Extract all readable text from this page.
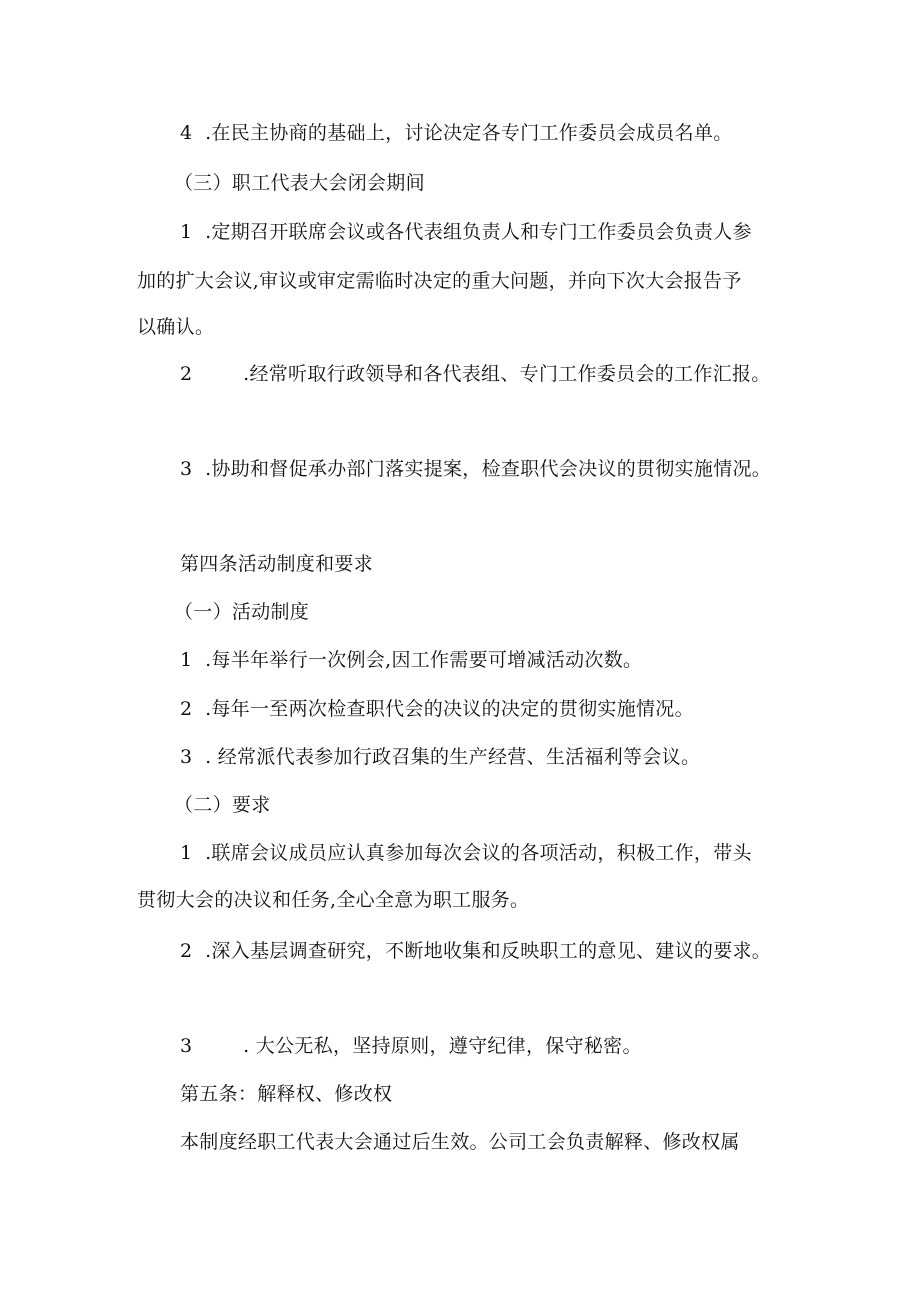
4  .在民主协商的基础上，讨论决定各专门工作委员会成员名单。
（三）职工代表大会闭会期间
1  .定期召开联席会议或各代表组负责人和专门工作委员会负责人参
加的扩大会议,审议或审定需临时决定的重大问题，并向下次大会报告予
以确认。
2        .经常听取行政领导和各代表组、专门工作委员会的工作汇报。
3  .协助和督促承办部门落实提案，检查职代会决议的贯彻实施情况。
第四条活动制度和要求
（一）活动制度
1  .每半年举行一次例会,因工作需要可增减活动次数。
2  .每年一至两次检查职代会的决议的决定的贯彻实施情况。
3  . 经常派代表参加行政召集的生产经营、生活福利等会议。
（二）要求
1  .联席会议成员应认真参加每次会议的各项活动，积极工作，带头
贯彻大会的决议和任务,全心全意为职工服务。
2  .深入基层调查研究，不断地收集和反映职工的意见、建议的要求。
3        . 大公无私，坚持原则，遵守纪律，保守秘密。
第五条：解释权、修改权
本制度经职工代表大会通过后生效。公司工会负责解释、修改权属
